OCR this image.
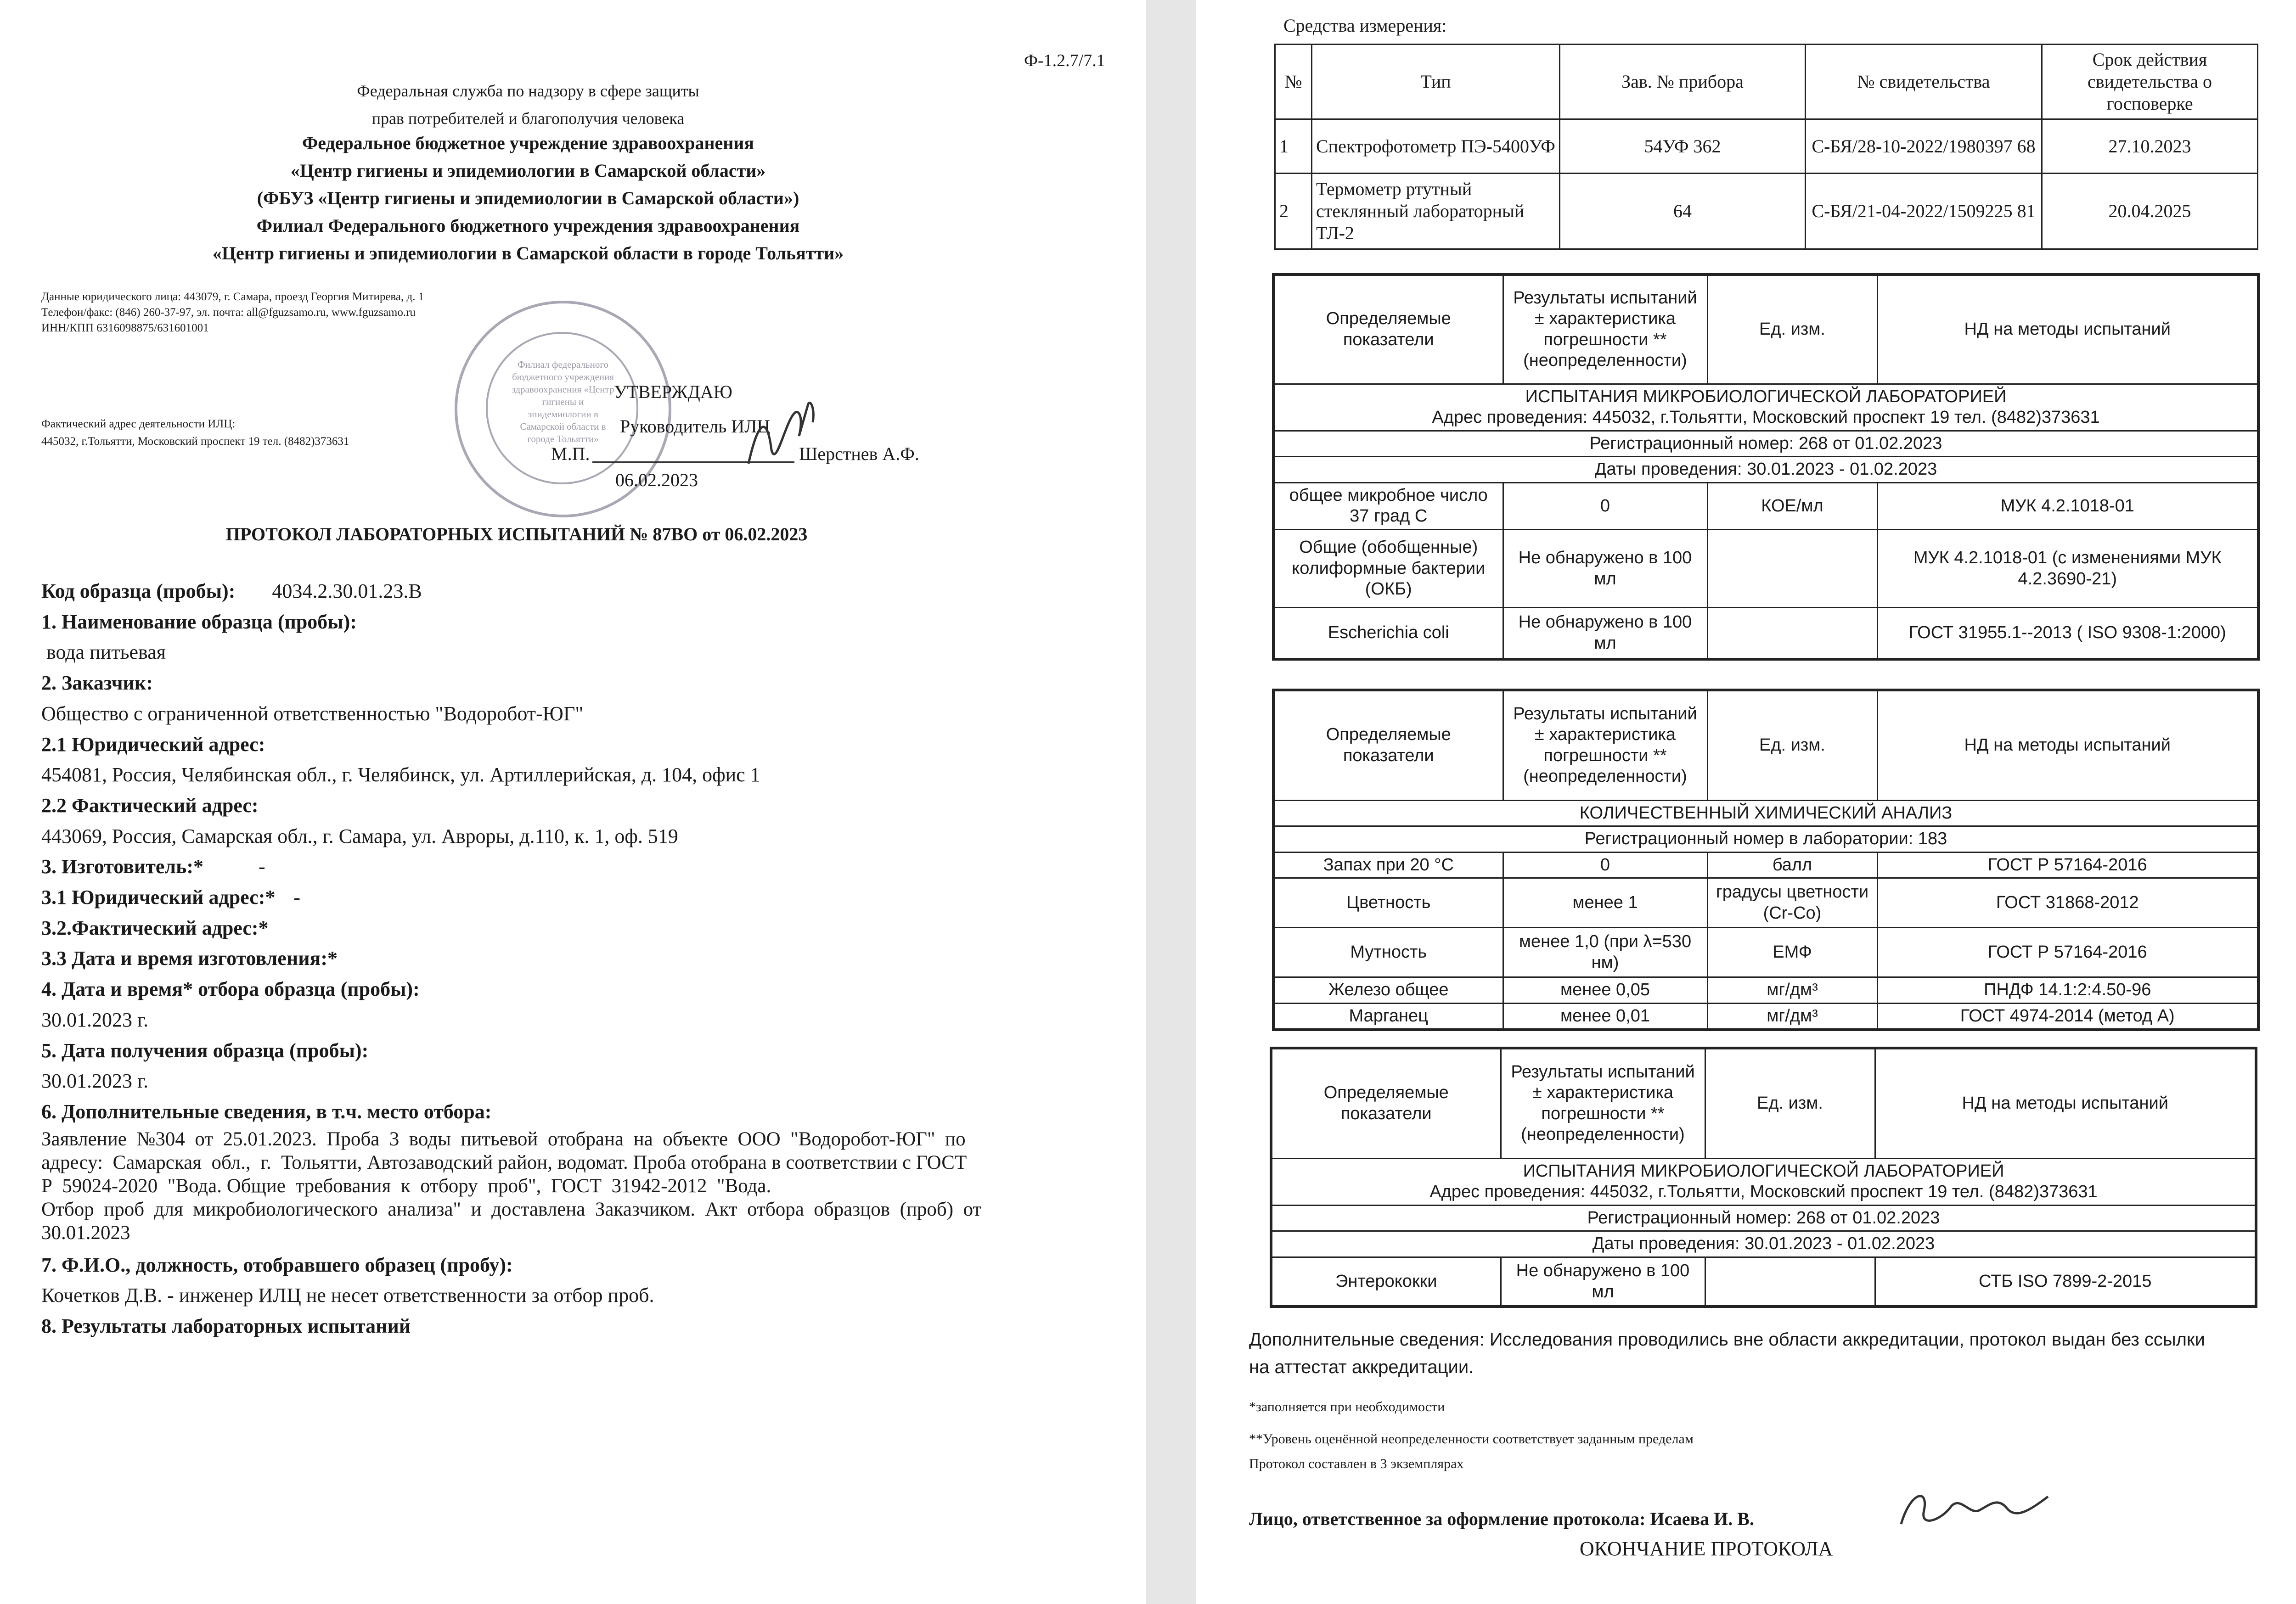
Ф-1.2.7/7.1
Федеральная служба по надзору в сфере защиты
прав потребителей и благополучия человека
Федеральное бюджетное учреждение здравоохранения
«Центр гигиены и эпидемиологии в Самарской области»
(ФБУЗ «Центр гигиены и эпидемиологии в Самарской области»)
Филиал Федерального бюджетного учреждения здравоохранения
«Центр гигиены и эпидемиологии в Самарской области в городе Тольятти»
Данные юридического лица: 443079, г. Самара, проезд Георгия Митирева, д. 1
Телефон/факс: (846) 260-37-97, эл. почта: all@fguzsamo.ru, www.fguzsamo.ru
ИНН/КПП 6316098875/631601001
Фактический адрес деятельности ИЛЦ:
445032, г.Тольятти, Московский проспект 19 тел. (8482)373631
Филиал федерального бюджетного учреждения здравоохранения «Центр гигиены и эпидемиологии в Самарской области в городе Тольятти»
УТВЕРЖДАЮ
Руководитель ИЛЦ
М.П.	Шерстнев А.Ф.
06.02.2023
ПРОТОКОЛ ЛАБОРАТОРНЫХ ИСПЫТАНИЙ № 87ВО от 06.02.2023
Код образца (пробы): 4034.2.30.01.23.В
1. Наименование образца (пробы):
вода питьевая
2. Заказчик:
Общество с ограниченной ответственностью "Водоробот-ЮГ"
2.1 Юридический адрес:
454081, Россия, Челябинская обл., г. Челябинск, ул. Артиллерийская, д. 104, офис 1
2.2 Фактический адрес:
443069, Россия, Самарская обл., г. Самара, ул. Авроры, д.110, к. 1, оф. 519
3. Изготовитель:*	-
3.1 Юридический адрес:* -
3.2.Фактический адрес:*
3.3 Дата и время изготовления:*
4. Дата и время* отбора образца (пробы):
30.01.2023 г.
5. Дата получения образца (пробы):
30.01.2023 г.
6. Дополнительные сведения, в т.ч. место отбора:
Заявление  №304  от  25.01.2023.  Проба  3  воды  питьевой  отобрана  на  объекте  ООО  "Водоробот-ЮГ"  по
адресу:  Самарская  обл.,  г.  Тольятти, Автозаводский район, водомат. Проба отобрана в соответствии с ГОСТ
Р  59024-2020  "Вода. Общие  требования  к  отбору  проб",  ГОСТ  31942-2012  "Вода.
Отбор  проб  для  микробиологического  анализа"  и  доставлена  Заказчиком.  Акт  отбора  образцов  (проб)  от
30.01.2023
7. Ф.И.О., должность, отобравшего образец (пробу):
Кочетков Д.В. - инженер ИЛЦ не несет ответственности за отбор проб.
8. Результаты лабораторных испытаний
Средства измерения:
№	Тип	Зав. № прибора	№ свидетельства	Срок действия свидетельства о госповерке
1	Спектрофотометр ПЭ-5400УФ	54УФ 362	С-БЯ/28-10-2022/1980397 68	27.10.2023
2	Термометр ртутный стеклянный лабораторный ТЛ-2	64	С-БЯ/21-04-2022/1509225 81	20.04.2025
Определяемые показатели	Результаты испытаний ± характеристика погрешности **(неопределенности)	Ед. изм.	НД на методы испытаний

ИСПЫТАНИЯ МИКРОБИОЛОГИЧЕСКОЙ ЛАБОРАТОРИЕЙ
Адрес проведения: 445032, г.Тольятти, Московский проспект 19 тел. (8482)373631			

Регистрационный номер: 268 от 01.02.2023			
Даты проведения: 30.01.2023 - 01.02.2023			
общее микробное число 37 град С	0	КОЕ/мл	МУК 4.2.1018-01
Общие (обобщенные) колиформные бактерии (ОКБ)	Не обнаружено в 100 мл		МУК 4.2.1018-01 (с изменениями МУК 4.2.3690-21)
Escherichia coli	Не обнаружено в 100 мл		ГОСТ 31955.1--2013 ( ISO 9308-1:2000)
Определяемые показатели	Результаты испытаний ± характеристика погрешности **(неопределенности)	Ед. изм.	НД на методы испытаний
КОЛИЧЕСТВЕННЫЙ ХИМИЧЕСКИЙ АНАЛИЗ			
Регистрационный номер в лаборатории: 183			
Запах при 20 °С	0	балл	ГОСТ Р 57164-2016
Цветность	менее 1	градусы цветности (Cr-Co)	ГОСТ 31868-2012
Мутность	менее 1,0 (при λ=530 нм)	ЕМФ	ГОСТ Р 57164-2016
Железо общее	менее 0,05	мг/дм³	ПНДФ 14.1:2:4.50-96
Марганец	менее 0,01	мг/дм³	ГОСТ 4974-2014 (метод А)
Определяемые показатели	Результаты испытаний ± характеристика погрешности **(неопределенности)	Ед. изм.	НД на методы испытаний

ИСПЫТАНИЯ МИКРОБИОЛОГИЧЕСКОЙ ЛАБОРАТОРИЕЙ
Адрес проведения: 445032, г.Тольятти, Московский проспект 19 тел. (8482)373631			

Регистрационный номер: 268 от 01.02.2023			
Даты проведения: 30.01.2023 - 01.02.2023			
Энтерококки	Не обнаружено в 100 мл		СТБ ISO 7899-2-2015
Дополнительные сведения: Исследования проводились вне области аккредитации, протокол выдан без ссылки
на аттестат аккредитации.
*заполняется при необходимости
**Уровень оценённой неопределенности соответствует заданным пределам
Протокол составлен в 3 экземплярах
Лицо, ответственное за оформление протокола: Исаева И. В.
ОКОНЧАНИЕ ПРОТОКОЛА
